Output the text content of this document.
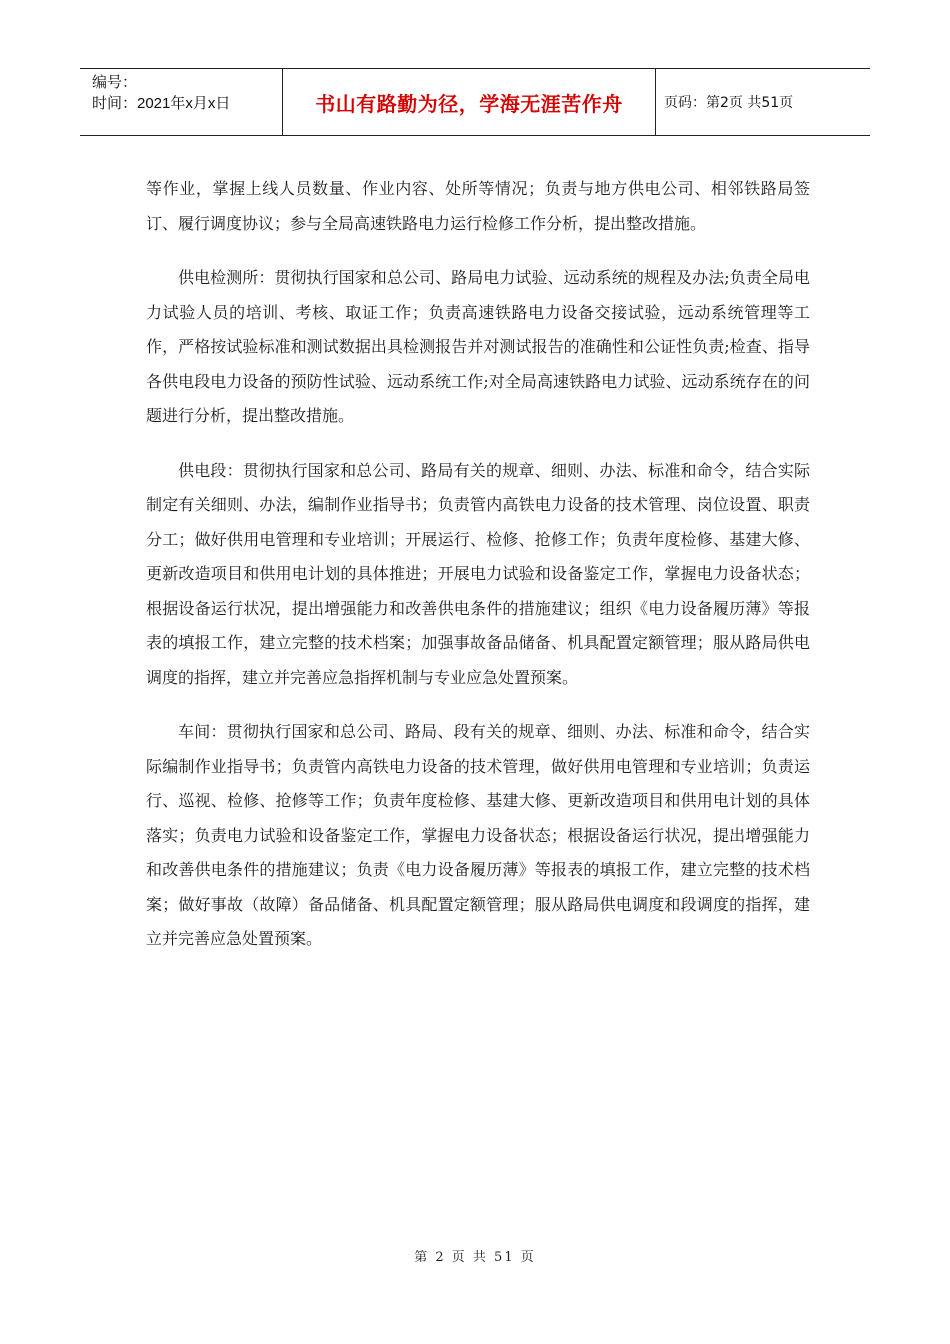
编号：
时间：2021年x月x日	书山有路勤为径，学海无涯苦作舟	页码：第2页 共51页

等作业，掌握上线人员数量、作业内容、处所等情况；负责与地方供电公司、相邻铁路局签订、履行调度协议；参与全局高速铁路电力运行检修工作分析，提出整改措施。

供电检测所：贯彻执行国家和总公司、路局电力试验、远动系统的规程及办法;负责全局电力试验人员的培训、考核、取证工作；负责高速铁路电力设备交接试验，远动系统管理等工作，严格按试验标准和测试数据出具检测报告并对测试报告的准确性和公证性负责;检查、指导各供电段电力设备的预防性试验、远动系统工作;对全局高速铁路电力试验、远动系统存在的问题进行分析，提出整改措施。

供电段：贯彻执行国家和总公司、路局有关的规章、细则、办法、标准和命令，结合实际制定有关细则、办法，编制作业指导书；负责管内高铁电力设备的技术管理、岗位设置、职责分工；做好供用电管理和专业培训；开展运行、检修、抢修工作；负责年度检修、基建大修、更新改造项目和供用电计划的具体推进；开展电力试验和设备鉴定工作，掌握电力设备状态；根据设备运行状况，提出增强能力和改善供电条件的措施建议；组织《电力设备履历薄》等报表的填报工作，建立完整的技术档案；加强事故备品储备、机具配置定额管理；服从路局供电调度的指挥，建立并完善应急指挥机制与专业应急处置预案。

车间：贯彻执行国家和总公司、路局、段有关的规章、细则、办法、标准和命令，结合实际编制作业指导书；负责管内高铁电力设备的技术管理，做好供用电管理和专业培训；负责运行、巡视、检修、抢修等工作；负责年度检修、基建大修、更新改造项目和供用电计划的具体落实；负责电力试验和设备鉴定工作，掌握电力设备状态；根据设备运行状况，提出增强能力和改善供电条件的措施建议；负责《电力设备履历薄》等报表的填报工作，建立完整的技术档案；做好事故（故障）备品储备、机具配置定额管理；服从路局供电调度和段调度的指挥，建立并完善应急处置预案。

第 2 页 共 51 页
